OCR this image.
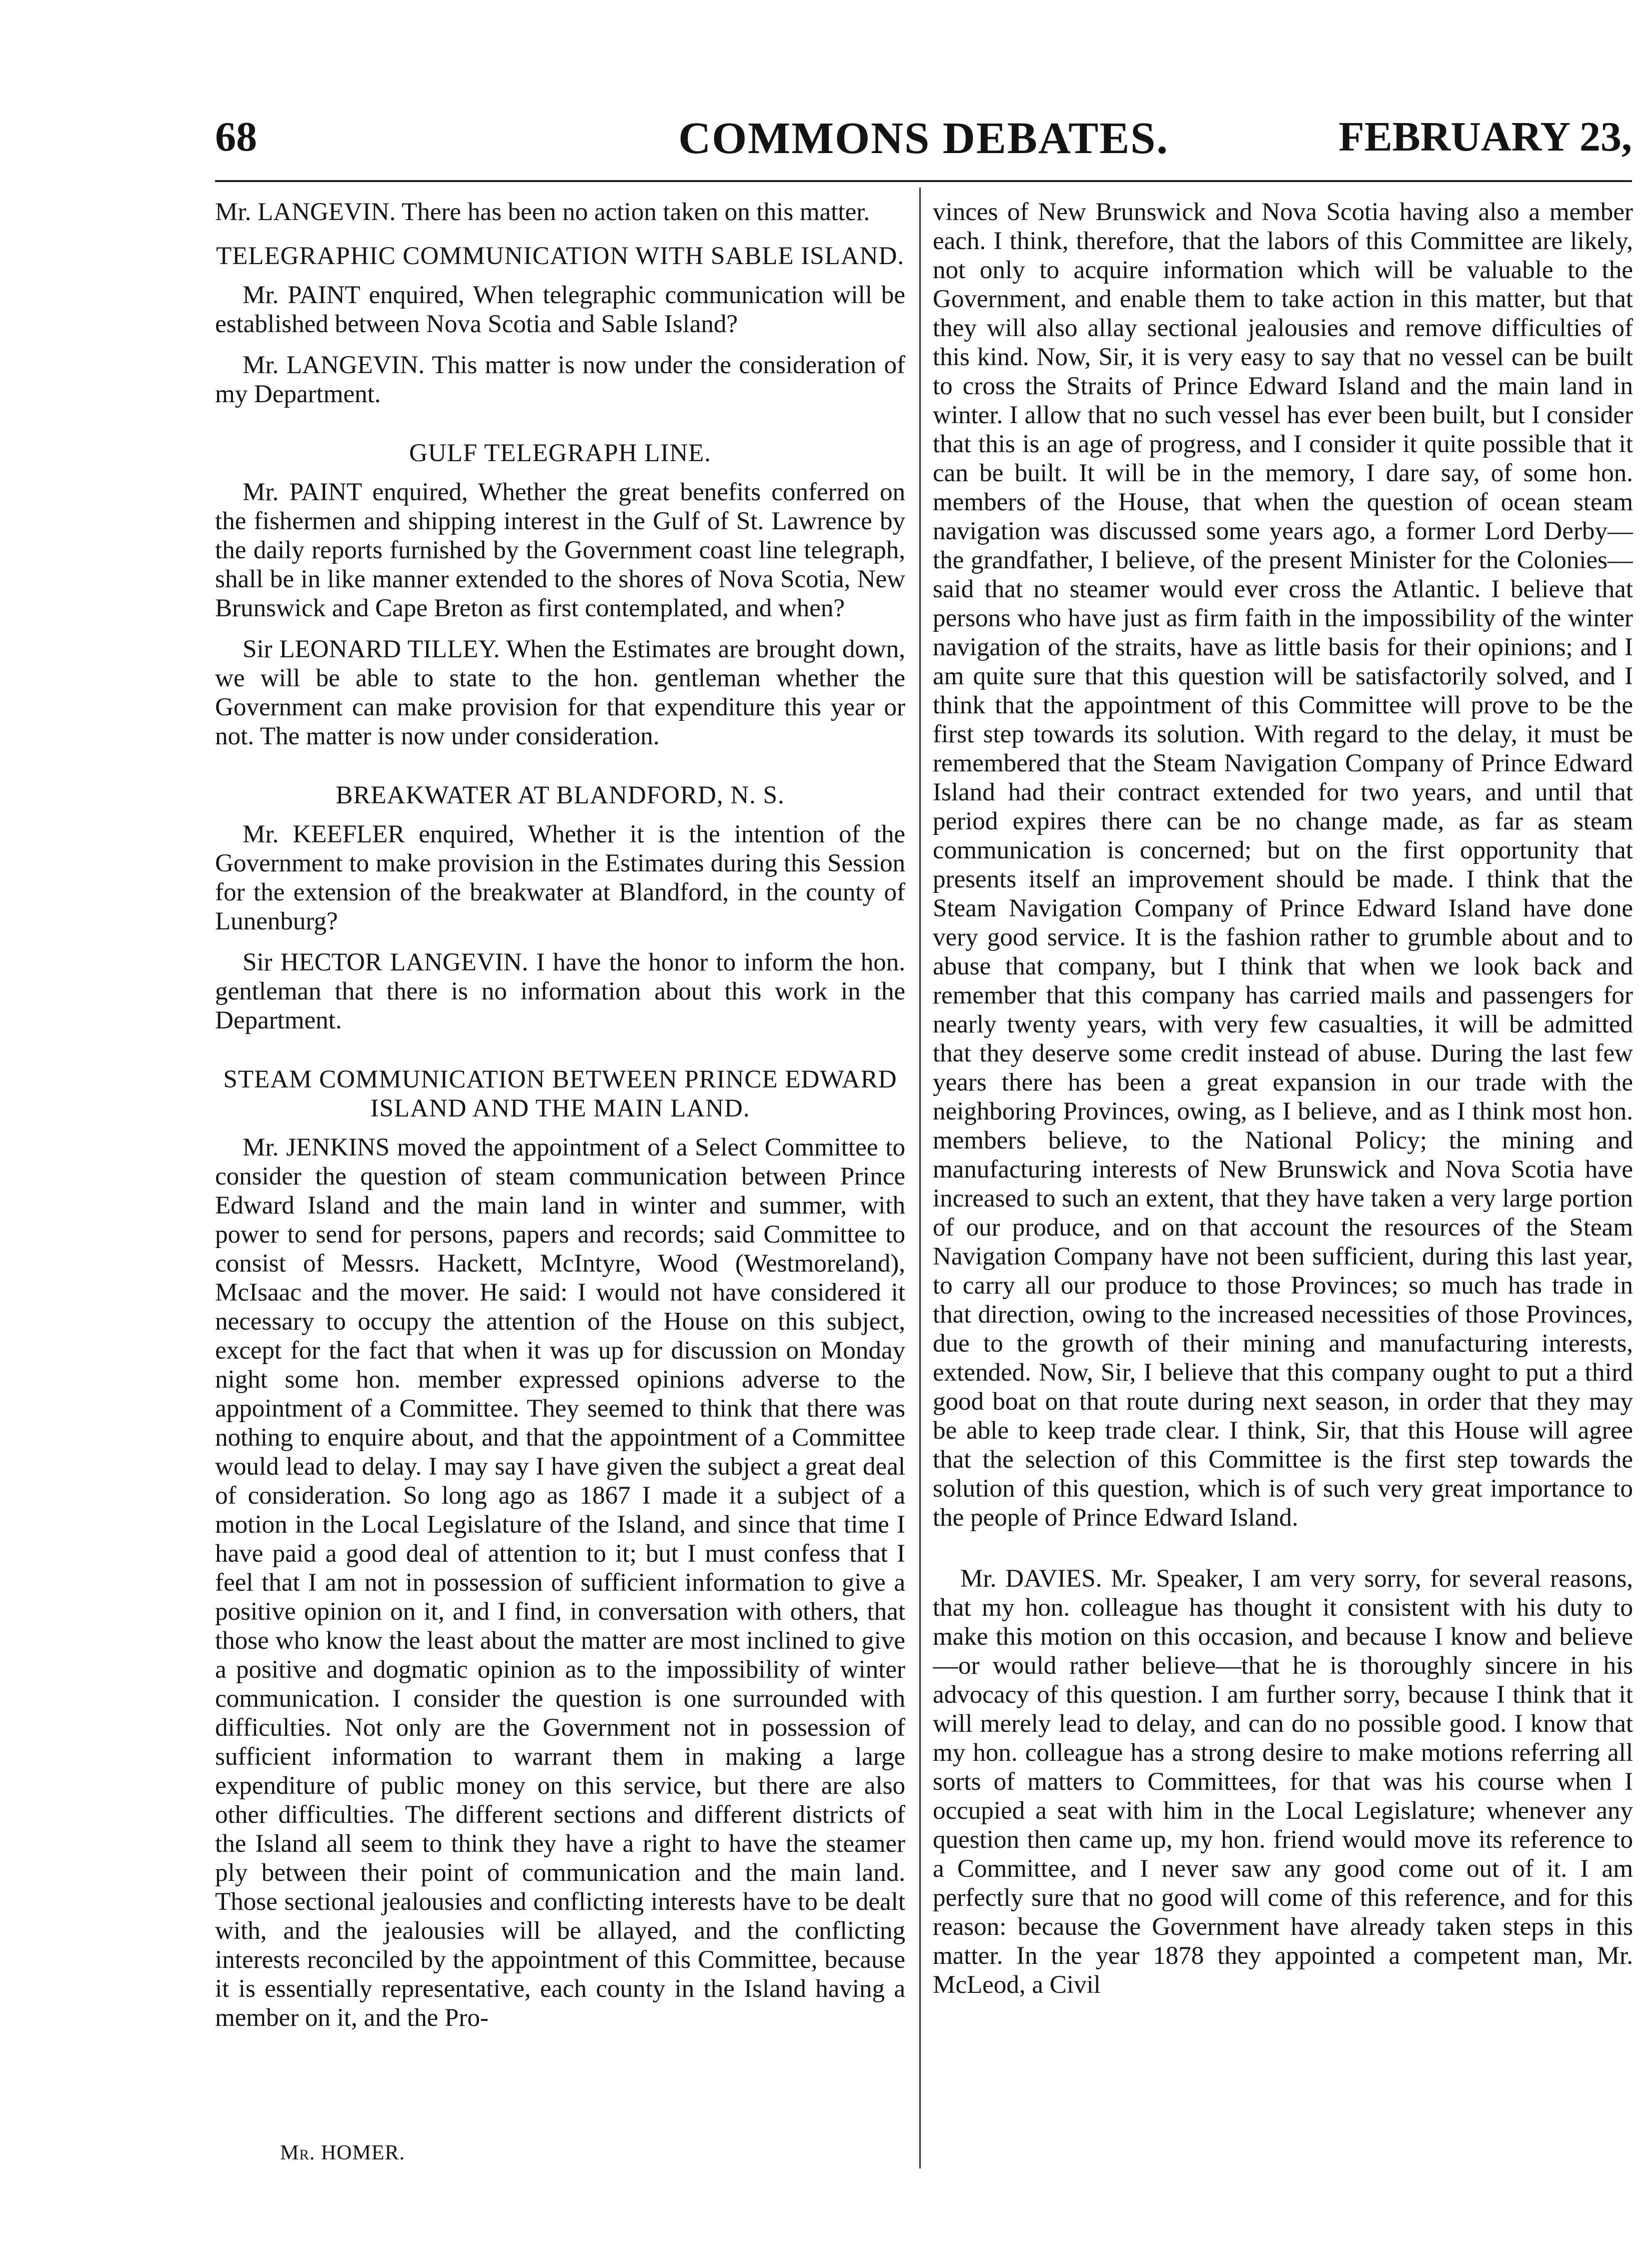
68	COMMONS DEBATES.	FEBRUARY 23,

Mr. LANGEVIN. There has been no action taken on this matter.

TELEGRAPHIC COMMUNICATION WITH SABLE ISLAND.

Mr. PAINT enquired, When telegraphic communication will be established between Nova Scotia and Sable Island?

Mr. LANGEVIN. This matter is now under the consideration of my Department.

GULF TELEGRAPH LINE.

Mr. PAINT enquired, Whether the great benefits conferred on the fishermen and shipping interest in the Gulf of St. Lawrence by the daily reports furnished by the Government coast line telegraph, shall be in like manner extended to the shores of Nova Scotia, New Brunswick and Cape Breton as first contemplated, and when?

Sir LEONARD TILLEY. When the Estimates are brought down, we will be able to state to the hon. gentleman whether the Government can make provision for that expenditure this year or not. The matter is now under consideration.

BREAKWATER AT BLANDFORD, N. S.

Mr. KEEFLER enquired, Whether it is the intention of the Government to make provision in the Estimates during this Session for the extension of the breakwater at Blandford, in the county of Lunenburg?

Sir HECTOR LANGEVIN. I have the honor to inform the hon. gentleman that there is no information about this work in the Department.

STEAM COMMUNICATION BETWEEN PRINCE EDWARD ISLAND AND THE MAIN LAND.

Mr. JENKINS moved the appointment of a Select Committee to consider the question of steam communication between Prince Edward Island and the main land in winter and summer, with power to send for persons, papers and records; said Committee to consist of Messrs. Hackett, McIntyre, Wood (Westmoreland), McIsaac and the mover. He said: I would not have considered it necessary to occupy the attention of the House on this subject, except for the fact that when it was up for discussion on Monday night some hon. member expressed opinions adverse to the appointment of a Committee. They seemed to think that there was nothing to enquire about, and that the appointment of a Committee would lead to delay. I may say I have given the subject a great deal of consideration. So long ago as 1867 I made it a subject of a motion in the Local Legislature of the Island, and since that time I have paid a good deal of attention to it; but I must confess that I feel that I am not in possession of sufficient information to give a positive opinion on it, and I find, in conversation with others, that those who know the least about the matter are most inclined to give a positive and dogmatic opinion as to the impossibility of winter communication. I consider the question is one surrounded with difficulties. Not only are the Government not in possession of sufficient information to warrant them in making a large expenditure of public money on this service, but there are also other difficulties. The different sections and different districts of the Island all seem to think they have a right to have the steamer ply between their point of communication and the main land. Those sectional jealousies and conflicting interests have to be dealt with, and the jealousies will be allayed, and the conflicting interests reconciled by the appointment of this Committee, because it is essentially representative, each county in the Island having a member on it, and the Pro-

vinces of New Brunswick and Nova Scotia having also a member each. I think, therefore, that the labors of this Committee are likely, not only to acquire information which will be valuable to the Government, and enable them to take action in this matter, but that they will also allay sectional jealousies and remove difficulties of this kind. Now, Sir, it is very easy to say that no vessel can be built to cross the Straits of Prince Edward Island and the main land in winter. I allow that no such vessel has ever been built, but I consider that this is an age of progress, and I consider it quite possible that it can be built. It will be in the memory, I dare say, of some hon. members of the House, that when the question of ocean steam navigation was discussed some years ago, a former Lord Derby—the grandfather, I believe, of the present Minister for the Colonies—said that no steamer would ever cross the Atlantic. I believe that persons who have just as firm faith in the impossibility of the winter navigation of the straits, have as little basis for their opinions; and I am quite sure that this question will be satisfactorily solved, and I think that the appointment of this Committee will prove to be the first step towards its solution. With regard to the delay, it must be remembered that the Steam Navigation Company of Prince Edward Island had their contract extended for two years, and until that period expires there can be no change made, as far as steam communication is concerned; but on the first opportunity that presents itself an improvement should be made. I think that the Steam Navigation Company of Prince Edward Island have done very good service. It is the fashion rather to grumble about and to abuse that company, but I think that when we look back and remember that this company has carried mails and passengers for nearly twenty years, with very few casualties, it will be admitted that they deserve some credit instead of abuse. During the last few years there has been a great expansion in our trade with the neighboring Provinces, owing, as I believe, and as I think most hon. members believe, to the National Policy; the mining and manufacturing interests of New Brunswick and Nova Scotia have increased to such an extent, that they have taken a very large portion of our produce, and on that account the resources of the Steam Navigation Company have not been sufficient, during this last year, to carry all our produce to those Provinces; so much has trade in that direction, owing to the increased necessities of those Provinces, due to the growth of their mining and manufacturing interests, extended. Now, Sir, I believe that this company ought to put a third good boat on that route during next season, in order that they may be able to keep trade clear. I think, Sir, that this House will agree that the selection of this Committee is the first step towards the solution of this question, which is of such very great importance to the people of Prince Edward Island.

Mr. DAVIES. Mr. Speaker, I am very sorry, for several reasons, that my hon. colleague has thought it consistent with his duty to make this motion on this occasion, and because I know and believe—or would rather believe—that he is thoroughly sincere in his advocacy of this question. I am further sorry, because I think that it will merely lead to delay, and can do no possible good. I know that my hon. colleague has a strong desire to make motions referring all sorts of matters to Committees, for that was his course when I occupied a seat with him in the Local Legislature; whenever any question then came up, my hon. friend would move its reference to a Committee, and I never saw any good come out of it. I am perfectly sure that no good will come of this reference, and for this reason: because the Government have already taken steps in this matter. In the year 1878 they appointed a competent man, Mr. McLeod, a Civil

Mr. HOMER.
